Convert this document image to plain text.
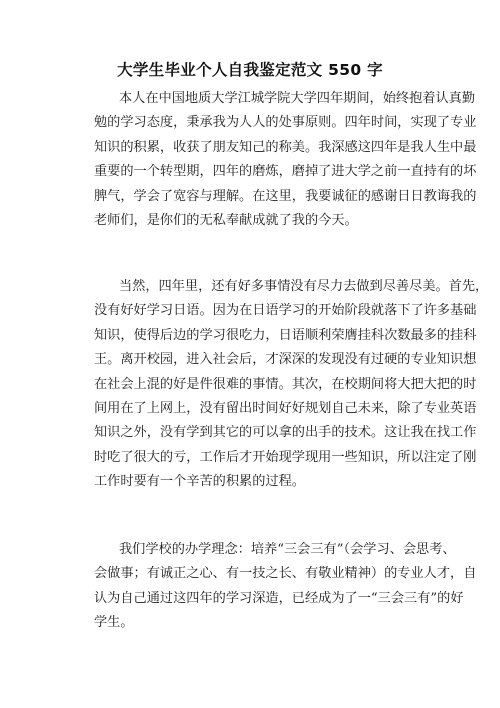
大学生毕业个人自我鉴定范文 550 字

本人在中国地质大学江城学院大学四年期间，始终抱着认真勤
勉的学习态度，秉承我为人人的处事原则。四年时间，实现了专业
知识的积累，收获了朋友知己的称美。我深感这四年是我人生中最
重要的一个转型期，四年的磨炼，磨掉了进大学之前一直持有的坏
脾气，学会了宽容与理解。在这里，我要诚征的感谢日日教诲我的
老师们，是你们的无私奉献成就了我的今天。

当然，四年里，还有好多事情没有尽力去做到尽善尽美。首先，
没有好好学习日语。因为在日语学习的开始阶段就落下了许多基础
知识，使得后边的学习很吃力，日语顺利荣膺挂科次数最多的挂科
王。离开校园，进入社会后，才深深的发现没有过硬的专业知识想
在社会上混的好是件很难的事情。其次，在校期间将大把大把的时
间用在了上网上，没有留出时间好好规划自己未来，除了专业英语
知识之外，没有学到其它的可以拿的出手的技术。这让我在找工作
时吃了很大的亏，工作后才开始现学现用一些知识，所以注定了刚
工作时要有一个辛苦的积累的过程。

我们学校的办学理念：培养“三会三有”（会学习、会思考、
会做事；有诚正之心、有一技之长、有敬业精神）的专业人才，自
认为自己通过这四年的学习深造，已经成为了一“三会三有”的好
学生。
